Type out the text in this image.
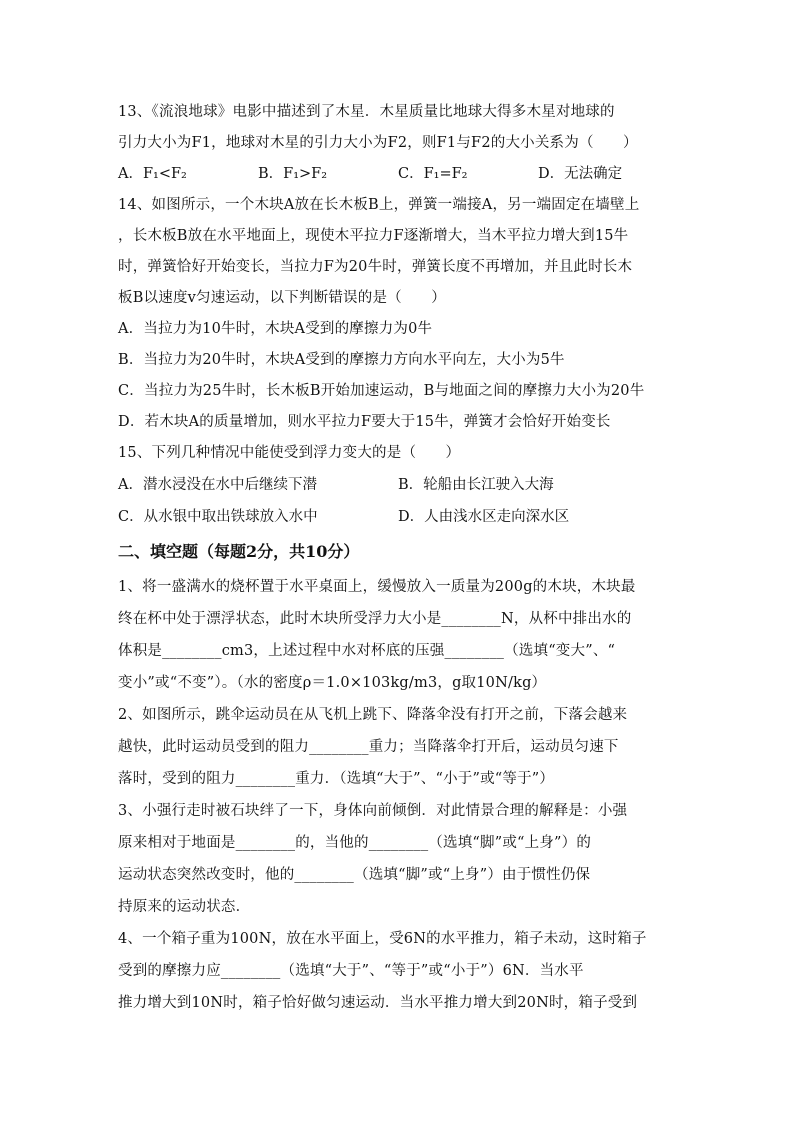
13、《流浪地球》电影中描述到了木星．木星质量比地球大得多木星对地球的
引力大小为F1，地球对木星的引力大小为F2，则F1与F2的大小关系为（　　）
A．F₁<F₂	B．F₁>F₂	C．F₁=F₂	D．无法确定
14、如图所示，一个木块A放在长木板B上，弹簧一端接A，另一端固定在墙壁上
，长木板B放在水平地面上，现使木平拉力F逐渐增大，当木平拉力增大到15牛
时，弹簧恰好开始变长，当拉力F为20牛时，弹簧长度不再增加，并且此时长木
板B以速度v匀速运动，以下判断错误的是（　　）
A．当拉力为10牛时，木块A受到的摩擦力为0牛
B．当拉力为20牛时，木块A受到的摩擦力方向水平向左，大小为5牛
C．当拉力为25牛时，长木板B开始加速运动，B与地面之间的摩擦力大小为20牛
D．若木块A的质量增加，则水平拉力F要大于15牛，弹簧才会恰好开始变长
15、下列几种情况中能使受到浮力变大的是（　　）
A．潜水浸没在水中后继续下潜	B．轮船由长江驶入大海
C．从水银中取出铁球放入水中	D．人由浅水区走向深水区
二、填空题（每题2分，共10分）
1、将一盛满水的烧杯置于水平桌面上，缓慢放入一质量为200g的木块，木块最
终在杯中处于漂浮状态，此时木块所受浮力大小是________N，从杯中排出水的
体积是________cm3，上述过程中水对杯底的压强________（选填“变大”、“
变小”或“不变”）。（水的密度ρ＝1.0×103kg/m3，g取10N/kg）
2、如图所示，跳伞运动员在从飞机上跳下、降落伞没有打开之前，下落会越来
越快，此时运动员受到的阻力________重力；当降落伞打开后，运动员匀速下
落时，受到的阻力________重力．（选填“大于”、“小于”或“等于”）
3、小强行走时被石块绊了一下，身体向前倾倒．对此情景合理的解释是：小强
原来相对于地面是________的，当他的________（选填“脚”或“上身”）的
运动状态突然改变时，他的________（选填“脚”或“上身”）由于惯性仍保
持原来的运动状态．
4、一个箱子重为100N，放在水平面上，受6N的水平推力，箱子未动，这时箱子
受到的摩擦力应________（选填“大于”、“等于”或“小于”）6N．当水平
推力增大到10N时，箱子恰好做匀速运动．当水平推力增大到20N时，箱子受到
